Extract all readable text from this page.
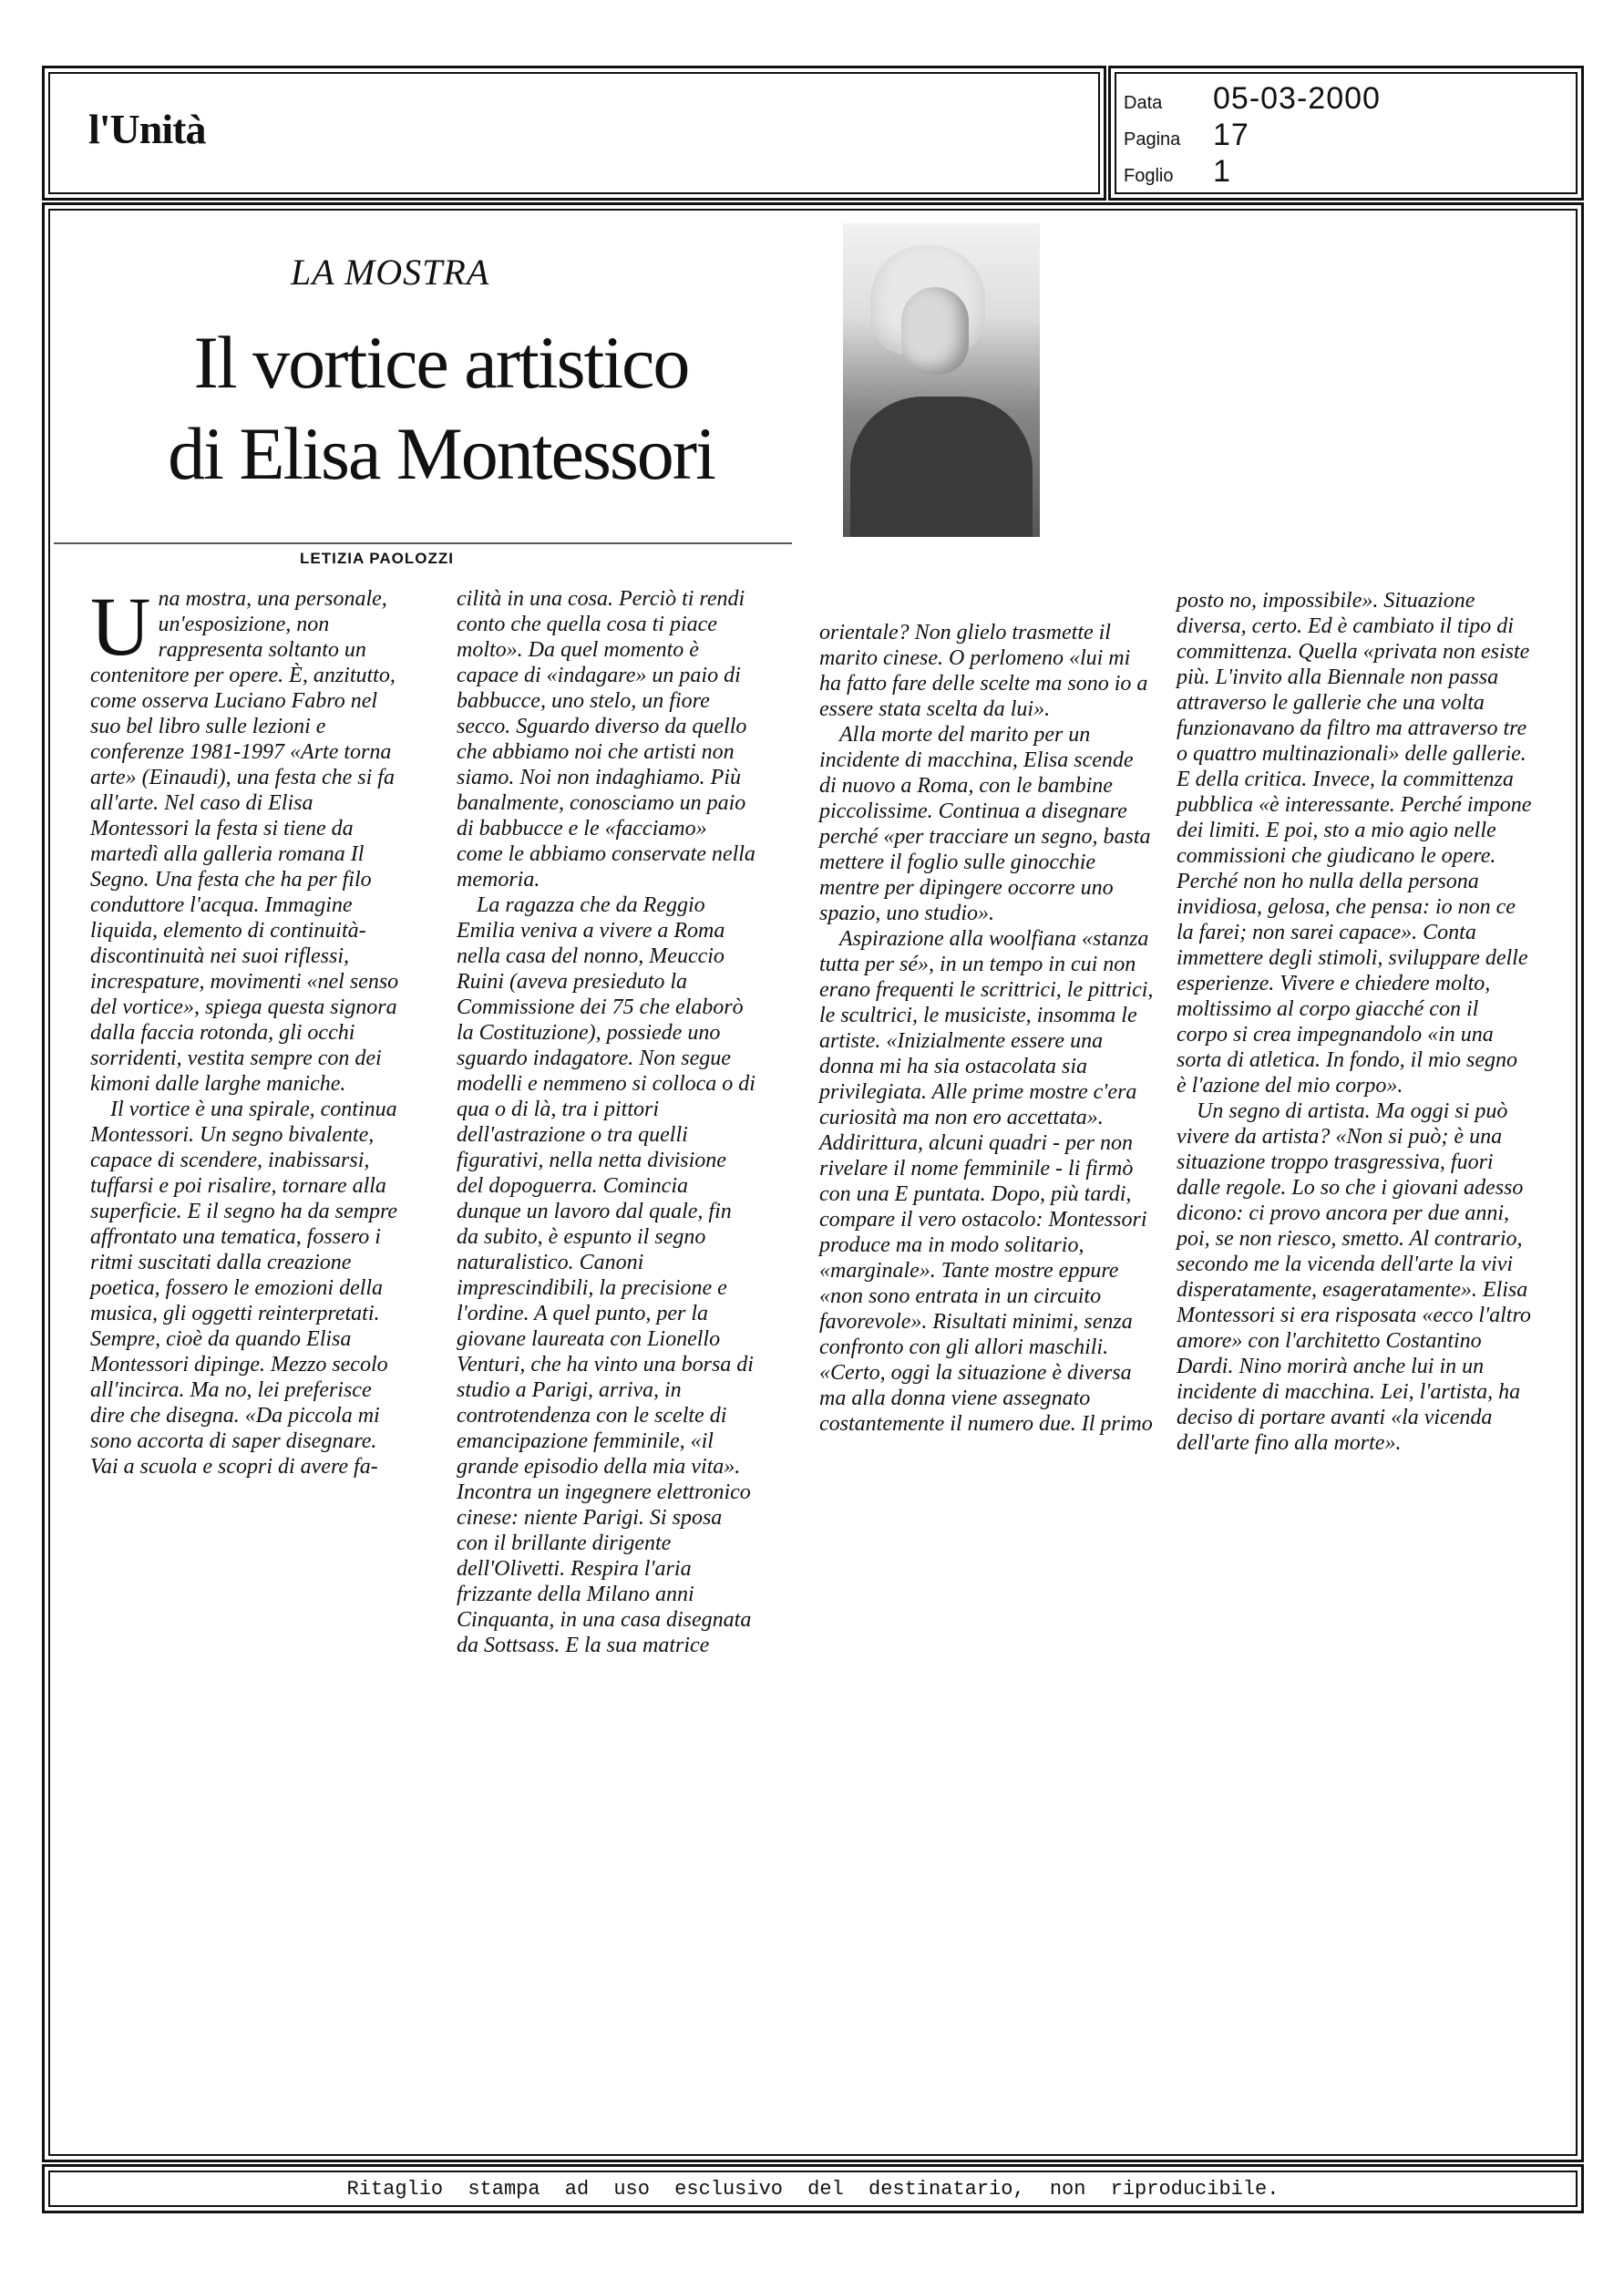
l'Unità
Data	05-03-2000
Pagina	17
Foglio	1
LA MOSTRA
Il vortice artistico
di Elisa Montessori
LETIZIA PAOLOZZI

Una mostra, una personale, un'esposizione, non rappresenta soltanto un contenitore per opere. È, anzitutto, come osserva Luciano Fabro nel suo bel libro sulle lezioni e conferenze 1981-1997 «Arte torna arte» (Einaudi), una festa che si fa all'arte. Nel caso di Elisa Montessori la festa si tiene da martedì alla galleria romana Il Segno. Una festa che ha per filo conduttore l'acqua. Immagine liquida, elemento di continuità-discontinuità nei suoi riflessi, increspature, movimenti «nel senso del vortice», spiega questa signora dalla faccia rotonda, gli occhi sorridenti, vestita sempre con dei kimoni dalle larghe maniche.

Il vortice è una spirale, continua Montessori. Un segno bivalente, capace di scendere, inabissarsi, tuffarsi e poi risalire, tornare alla superficie. E il segno ha da sempre affrontato una tematica, fossero i ritmi suscitati dalla creazione poetica, fossero le emozioni della musica, gli oggetti reinterpretati. Sempre, cioè da quando Elisa Montessori dipinge. Mezzo secolo all'incirca. Ma no, lei preferisce dire che disegna. «Da piccola mi sono accorta di saper disegnare. Vai a scuola e scopri di avere fa-

cilità in una cosa. Perciò ti rendi conto che quella cosa ti piace molto». Da quel momento è capace di «indagare» un paio di babbucce, uno stelo, un fiore secco. Sguardo diverso da quello che abbiamo noi che artisti non siamo. Noi non indaghiamo. Più banalmente, conosciamo un paio di babbucce e le «facciamo» come le abbiamo conservate nella memoria.

La ragazza che da Reggio Emilia veniva a vivere a Roma nella casa del nonno, Meuccio Ruini (aveva presieduto la Commissione dei 75 che elaborò la Costituzione), possiede uno sguardo indagatore. Non segue modelli e nemmeno si colloca o di qua o di là, tra i pittori dell'astrazione o tra quelli figurativi, nella netta divisione del dopoguerra. Comincia dunque un lavoro dal quale, fin da subito, è espunto il segno naturalistico. Canoni imprescindibili, la precisione e l'ordine. A quel punto, per la giovane laureata con Lionello Venturi, che ha vinto una borsa di studio a Parigi, arriva, in controtendenza con le scelte di emancipazione femminile, «il grande episodio della mia vita». Incontra un ingegnere elettronico cinese: niente Parigi. Si sposa con il brillante dirigente dell'Olivetti. Respira l'aria frizzante della Milano anni Cinquanta, in una casa disegnata da Sottsass. E la sua matrice

orientale? Non glielo trasmette il marito cinese. O perlomeno «lui mi ha fatto fare delle scelte ma sono io a essere stata scelta da lui».

Alla morte del marito per un incidente di macchina, Elisa scende di nuovo a Roma, con le bambine piccolissime. Continua a disegnare perché «per tracciare un segno, basta mettere il foglio sulle ginocchie mentre per dipingere occorre uno spazio, uno studio».

Aspirazione alla woolfiana «stanza tutta per sé», in un tempo in cui non erano frequenti le scrittrici, le pittrici, le scultrici, le musiciste, insomma le artiste. «Inizialmente essere una donna mi ha sia ostacolata sia privilegiata. Alle prime mostre c'era curiosità ma non ero accettata». Addirittura, alcuni quadri - per non rivelare il nome femminile - li firmò con una E puntata. Dopo, più tardi, compare il vero ostacolo: Montessori produce ma in modo solitario, «marginale». Tante mostre eppure «non sono entrata in un circuito favorevole». Risultati minimi, senza confronto con gli allori maschili. «Certo, oggi la situazione è diversa ma alla donna viene assegnato costantemente il numero due. Il primo

posto no, impossibile». Situazione diversa, certo. Ed è cambiato il tipo di committenza. Quella «privata non esiste più. L'invito alla Biennale non passa attraverso le gallerie che una volta funzionavano da filtro ma attraverso tre o quattro multinazionali» delle gallerie. E della critica. Invece, la committenza pubblica «è interessante. Perché impone dei limiti. E poi, sto a mio agio nelle commissioni che giudicano le opere. Perché non ho nulla della persona invidiosa, gelosa, che pensa: io non ce la farei; non sarei capace». Conta immettere degli stimoli, sviluppare delle esperienze. Vivere e chiedere molto, moltissimo al corpo giacché con il corpo si crea impegnandolo «in una sorta di atletica. In fondo, il mio segno è l'azione del mio corpo».

Un segno di artista. Ma oggi si può vivere da artista? «Non si può; è una situazione troppo trasgressiva, fuori dalle regole. Lo so che i giovani adesso dicono: ci provo ancora per due anni, poi, se non riesco, smetto. Al contrario, secondo me la vicenda dell'arte la vivi disperatamente, esageratamente». Elisa Montessori si era risposata «ecco l'altro amore» con l'architetto Costantino Dardi. Nino morirà anche lui in un incidente di macchina. Lei, l'artista, ha deciso di portare avanti «la vicenda dell'arte fino alla morte».

Ritaglio stampa ad uso esclusivo del destinatario, non riproducibile.
